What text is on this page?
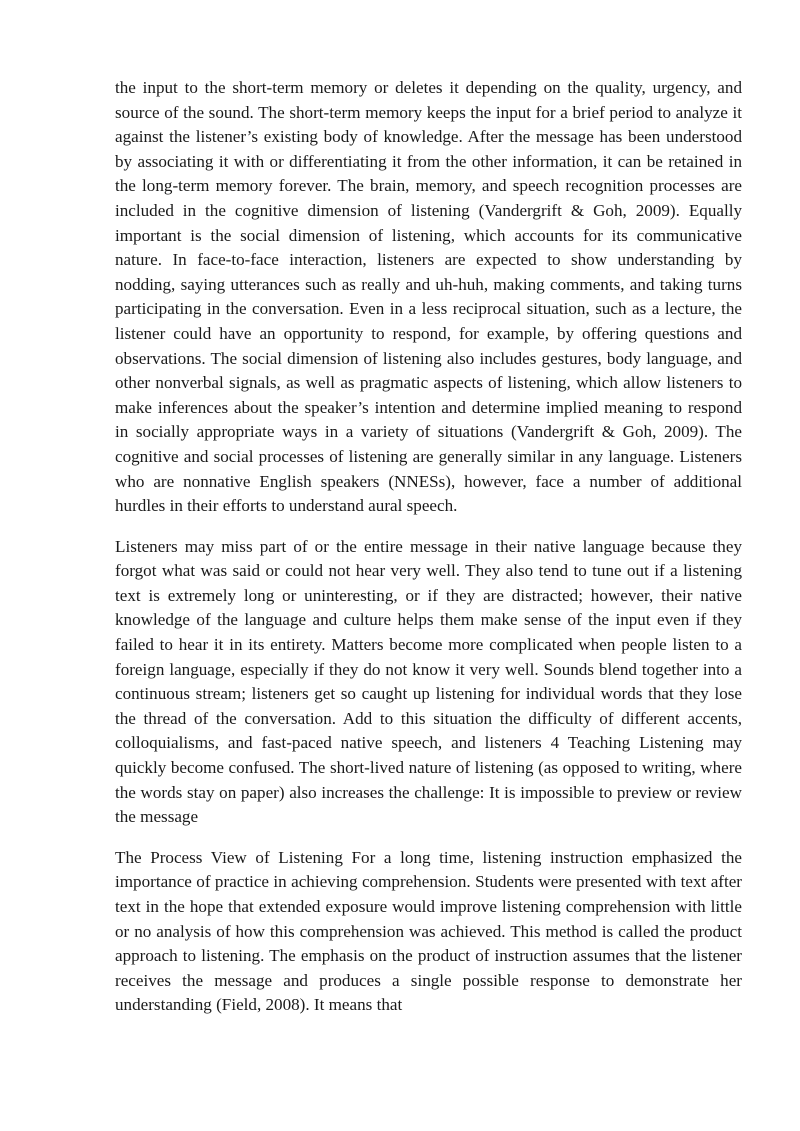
the input to the short-term memory or deletes it depending on the quality, urgency, and source of the sound. The short-term memory keeps the input for a brief period to analyze it against the listener’s existing body of knowledge. After the message has been understood by associating it with or differentiating it from the other information, it can be retained in the long-term memory forever. The brain, memory, and speech recognition processes are included in the cognitive dimension of listening (Vandergrift & Goh, 2009). Equally important is the social dimension of listening, which accounts for its communicative nature. In face-to-face interaction, listeners are expected to show understanding by nodding, saying utterances such as really and uh-huh, making comments, and taking turns participating in the conversation. Even in a less reciprocal situation, such as a lecture, the listener could have an opportunity to respond, for example, by offering questions and observations. The social dimension of listening also includes gestures, body language, and other nonverbal signals, as well as pragmatic aspects of listening, which allow listeners to make inferences about the speaker’s intention and determine implied meaning to respond in socially appropriate ways in a variety of situations (Vandergrift & Goh, 2009). The cognitive and social processes of listening are generally similar in any language. Listeners who are nonnative English speakers (NNESs), however, face a number of additional hurdles in their efforts to understand aural speech.

Listeners may miss part of or the entire message in their native language because they forgot what was said or could not hear very well. They also tend to tune out if a listening text is extremely long or uninteresting, or if they are distracted; however, their native knowledge of the language and culture helps them make sense of the input even if they failed to hear it in its entirety. Matters become more complicated when people listen to a foreign language, especially if they do not know it very well. Sounds blend together into a continuous stream; listeners get so caught up listening for individual words that they lose the thread of the conversation. Add to this situation the difficulty of different accents, colloquialisms, and fast-paced native speech, and listeners 4 Teaching Listening may quickly become confused. The short-lived nature of listening (as opposed to writing, where the words stay on paper) also increases the challenge: It is impossible to preview or review the message

The Process View of Listening For a long time, listening instruction emphasized the importance of practice in achieving comprehension. Students were presented with text after text in the hope that extended exposure would improve listening comprehension with little or no analysis of how this comprehension was achieved. This method is called the product approach to listening. The emphasis on the product of instruction assumes that the listener receives the message and produces a single possible response to demonstrate her understanding (Field, 2008). It means that
